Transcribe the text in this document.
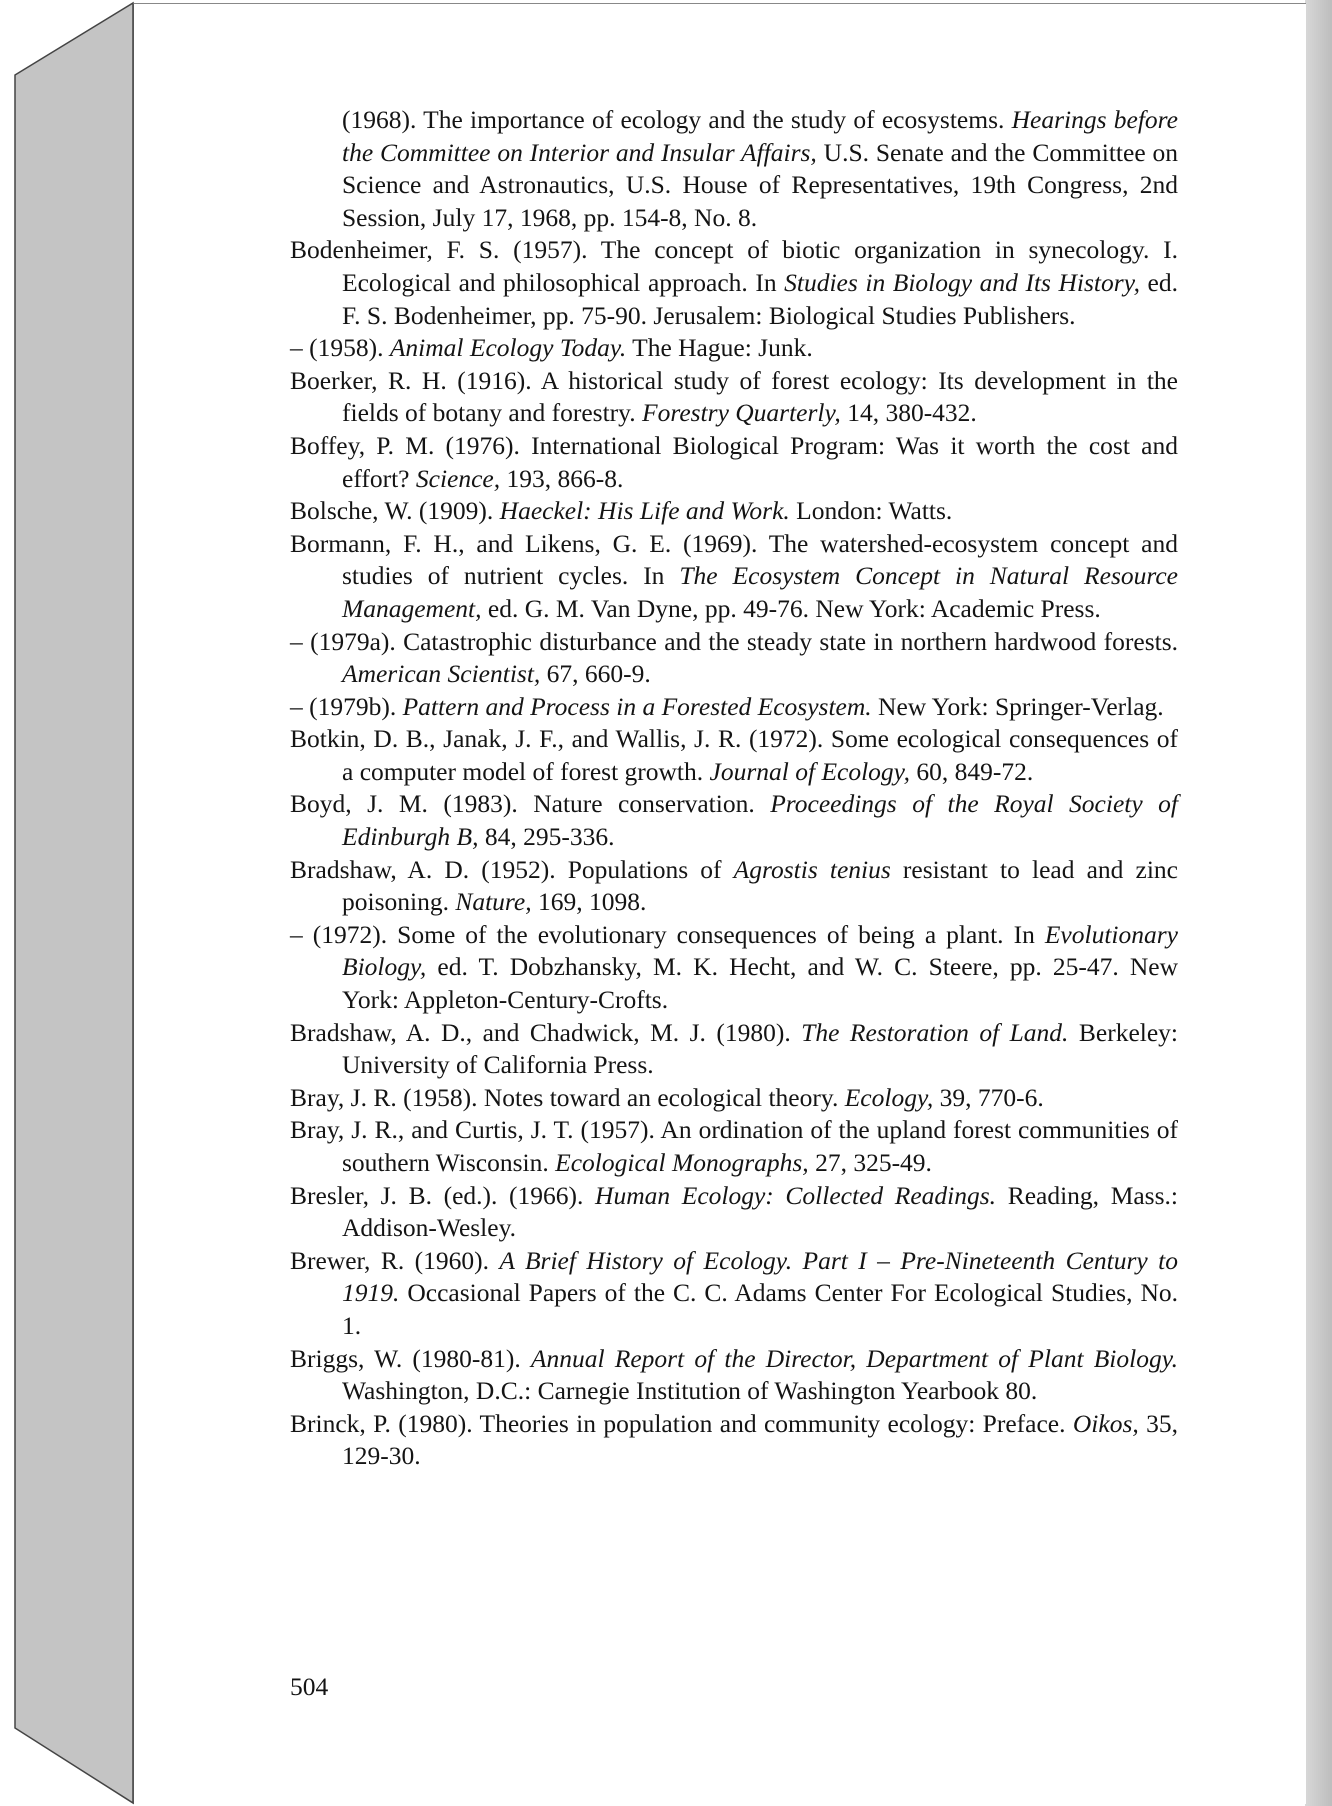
(1968). The importance of ecology and the study of ecosystems. Hearings before the Committee on Interior and Insular Affairs, U.S. Senate and the Committee on Science and Astronautics, U.S. House of Representatives, 19th Congress, 2nd Session, July 17, 1968, pp. 154-8, No. 8.

Bodenheimer, F. S. (1957). The concept of biotic organization in synecology. I. Ecological and philosophical approach. In Studies in Biology and Its History, ed. F. S. Bodenheimer, pp. 75-90. Jerusalem: Biological Studies Publishers.

– (1958). Animal Ecology Today. The Hague: Junk.

Boerker, R. H. (1916). A historical study of forest ecology: Its development in the fields of botany and forestry. Forestry Quarterly, 14, 380-432.

Boffey, P. M. (1976). International Biological Program: Was it worth the cost and effort? Science, 193, 866-8.

Bolsche, W. (1909). Haeckel: His Life and Work. London: Watts.

Bormann, F. H., and Likens, G. E. (1969). The watershed-ecosystem concept and studies of nutrient cycles. In The Ecosystem Concept in Natural Resource Management, ed. G. M. Van Dyne, pp. 49-76. New York: Academic Press.

– (1979a). Catastrophic disturbance and the steady state in northern hardwood forests. American Scientist, 67, 660-9.

– (1979b). Pattern and Process in a Forested Ecosystem. New York: Springer-Verlag.

Botkin, D. B., Janak, J. F., and Wallis, J. R. (1972). Some ecological consequences of a computer model of forest growth. Journal of Ecology, 60, 849-72.

Boyd, J. M. (1983). Nature conservation. Proceedings of the Royal Society of Edinburgh B, 84, 295-336.

Bradshaw, A. D. (1952). Populations of Agrostis tenius resistant to lead and zinc poisoning. Nature, 169, 1098.

– (1972). Some of the evolutionary consequences of being a plant. In Evolutionary Biology, ed. T. Dobzhansky, M. K. Hecht, and W. C. Steere, pp. 25-47. New York: Appleton-Century-Crofts.

Bradshaw, A. D., and Chadwick, M. J. (1980). The Restoration of Land. Berkeley: University of California Press.

Bray, J. R. (1958). Notes toward an ecological theory. Ecology, 39, 770-6.

Bray, J. R., and Curtis, J. T. (1957). An ordination of the upland forest communities of southern Wisconsin. Ecological Monographs, 27, 325-49.

Bresler, J. B. (ed.). (1966). Human Ecology: Collected Readings. Reading, Mass.: Addison-Wesley.

Brewer, R. (1960). A Brief History of Ecology. Part I – Pre-Nineteenth Century to 1919. Occasional Papers of the C. C. Adams Center For Ecological Studies, No. 1.

Briggs, W. (1980-81). Annual Report of the Director, Department of Plant Biology. Washington, D.C.: Carnegie Institution of Washington Yearbook 80.

Brinck, P. (1980). Theories in population and community ecology: Preface. Oikos, 35, 129-30.

504
